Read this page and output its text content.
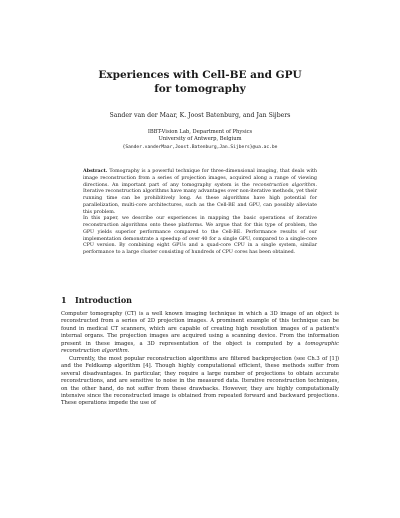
Experiences with Cell-BE and GPU
for tomography
Sander van der Maar, K. Joost Batenburg, and Jan Sijbers
IBBT-Vision Lab, Department of Physics
University of Antwerp, Belgium
{Sander.vanderMaar,Joost.Batenburg,Jan.Sijbers}@ua.ac.be

Abstract. Tomography is a powerful technique for three-dimensional imaging, that deals with image reconstruction from a series of projection images, acquired along a range of viewing directions. An important part of any tomography system is the reconstruction algorithm. Iterative reconstruction algorithms have many advantages over non-iterative methods, yet their running time can be prohibitively long. As these algorithms have high potential for parallelization, multi-core architectures, such as the Cell-BE and GPU, can possibly alleviate this problem.

In this paper, we describe our experiences in mapping the basic operations of iterative reconstruction algorithms onto these platforms. We argue that for this type of problem, the GPU yields superior performance compared to the Cell-BE. Performance results of our implementation demonstrate a speedup of over 40 for a single GPU, compared to a single-core CPU version. By combining eight GPUs and a quad-core CPU in a single system, similar performance to a large cluster consisting of hundreds of CPU cores has been obtained.

1 Introduction

Computer tomography (CT) is a well known imaging technique in which a 3D image of an object is reconstructed from a series of 2D projection images. A prominent example of this technique can be found in medical CT scanners, which are capable of creating high resolution images of a patient's internal organs. The projection images are acquired using a scanning device. From the information present in these images, a 3D representation of the object is computed by a tomographic reconstruction algorithm.

Currently, the most popular reconstruction algorithms are filtered backprojection (see Ch.3 of [1]) and the Feldkamp algorithm [4]. Though highly computational efficient, these methods suffer from several disadvantages. In particular, they require a large number of projections to obtain accurate reconstructions, and are sensitive to noise in the measured data. Iterative reconstruction techniques, on the other hand, do not suffer from these drawbacks. However, they are highly computationally intensive since the reconstructed image is obtained from repeated forward and backward projections. These operations impede the use of
